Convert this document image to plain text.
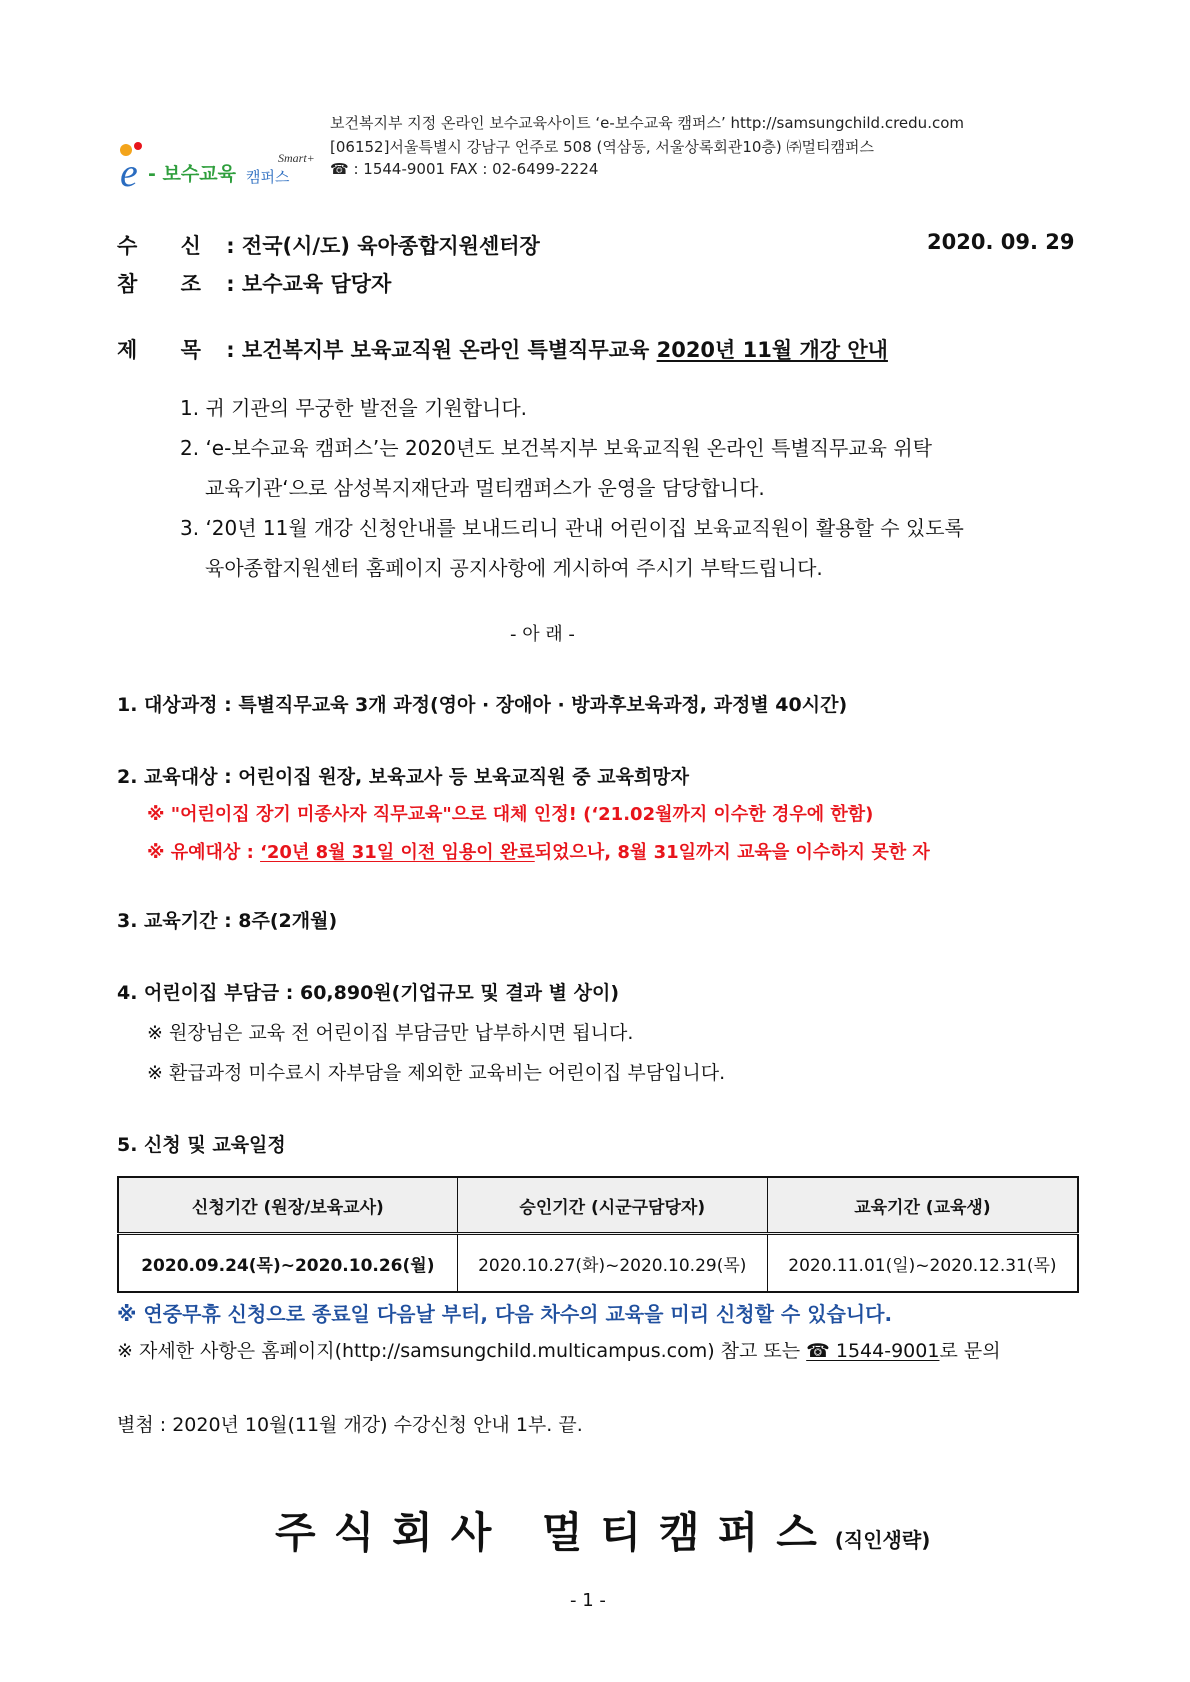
e - 보수교육 캠퍼스
Smart+
보건복지부 지정 온라인 보수교육사이트 ‘e-보수교육 캠퍼스’ http://samsungchild.credu.com
[06152]서울특별시 강남구 언주로 508 (역삼동, 서울상록회관10층) ㈜멀티캠퍼스
☎ : 1544-9001 FAX : 02-6499-2224
수 신 : 전국(시/도) 육아종합지원센터장	2020. 09. 29
참 조 : 보수교육 담당자
제 목 : 보건복지부 보육교직원 온라인 특별직무교육 2020년 11월 개강 안내
1. 귀 기관의 무궁한 발전을 기원합니다.
2. ‘e-보수교육 캠퍼스’는 2020년도 보건복지부 보육교직원 온라인 특별직무교육 위탁
교육기관‘으로 삼성복지재단과 멀티캠퍼스가 운영을 담당합니다.
3. ‘20년 11월 개강 신청안내를 보내드리니 관내 어린이집 보육교직원이 활용할 수 있도록
육아종합지원센터 홈페이지 공지사항에 게시하여 주시기 부탁드립니다.
- 아 래 -
1. 대상과정 : 특별직무교육 3개 과정(영아 · 장애아 · 방과후보육과정, 과정별 40시간)
2. 교육대상 : 어린이집 원장, 보육교사 등 보육교직원 중 교육희망자
※ "어린이집 장기 미종사자 직무교육"으로 대체 인정! (‘21.02월까지 이수한 경우에 한함)
※ 유예대상 : ‘20년 8월 31일 이전 임용이 완료되었으나, 8월 31일까지 교육을 이수하지 못한 자
3. 교육기간 : 8주(2개월)
4. 어린이집 부담금 : 60,890원(기업규모 및 결과 별 상이)
※ 원장님은 교육 전 어린이집 부담금만 납부하시면 됩니다.
※ 환급과정 미수료시 자부담을 제외한 교육비는 어린이집 부담입니다.
5. 신청 및 교육일정
신청기간 (원장/보육교사)	승인기간 (시군구담당자)	교육기간 (교육생)
2020.09.24(목)~2020.10.26(월)	2020.10.27(화)~2020.10.29(목)	2020.11.01(일)~2020.12.31(목)
※ 연중무휴 신청으로 종료일 다음날 부터, 다음 차수의 교육을 미리 신청할 수 있습니다.
※ 자세한 사항은 홈페이지(http://samsungchild.multicampus.com) 참고 또는 ☎ 1544-9001로 문의
별첨 : 2020년 10월(11월 개강) 수강신청 안내 1부. 끝.
주식회사 멀티캠퍼스(직인생략)
- 1 -
